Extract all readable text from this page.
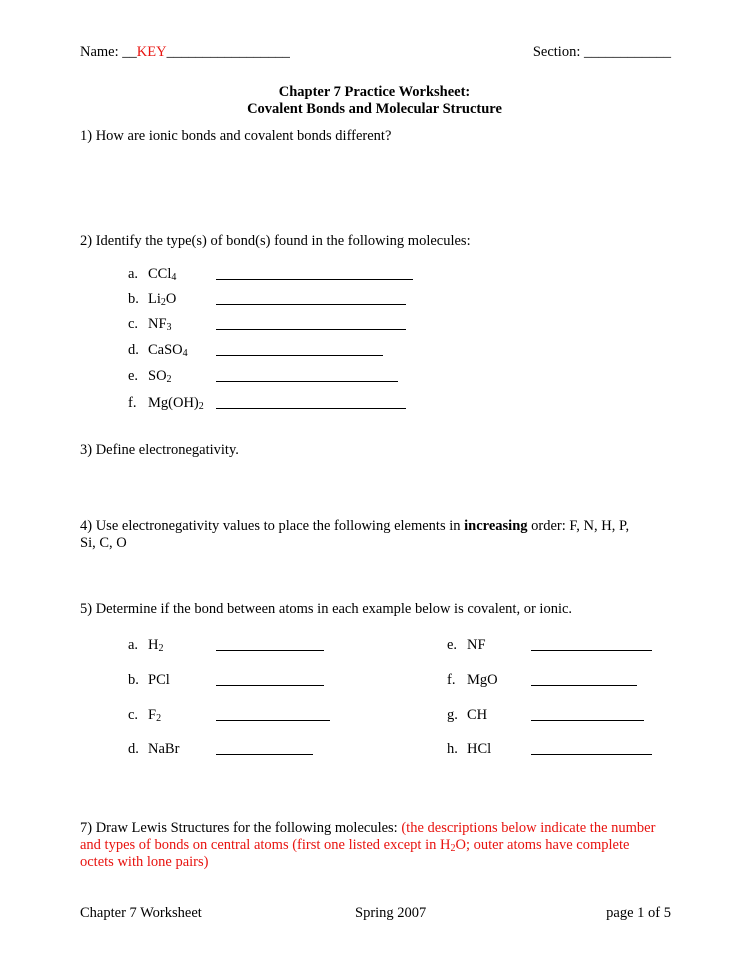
Name: __KEY_________________	Section: ____________
Chapter 7 Practice Worksheet:
Covalent Bonds and Molecular Structure
1) How are ionic bonds and covalent bonds different?
2) Identify the type(s) of bond(s) found in the following molecules:
a. CCl$_4$
b. $Li_2O$
c. $NF_3$
d. CaSO$_4$
e. $SO_2$
f. $Mg(OH)_2$
3) Define electronegativity.
4) Use electronegativity values to place the following elements in increasing order: F, N, H, P,
Si, C, O
5) Determine if the bond between atoms in each example below is covalent, or ionic.
a. $H_2$	e. NF
b. PCl	f. MgO
c. $F_2$	g. CH
d. NaBr	h. HCl
7) Draw Lewis Structures for the following molecules: (the descriptions below indicate the number
and types of bonds on central atoms (first one listed except in $H_2O$; outer atoms have complete
octets with lone pairs)
Chapter 7 Worksheet	Spring 2007	page 1 of 5
